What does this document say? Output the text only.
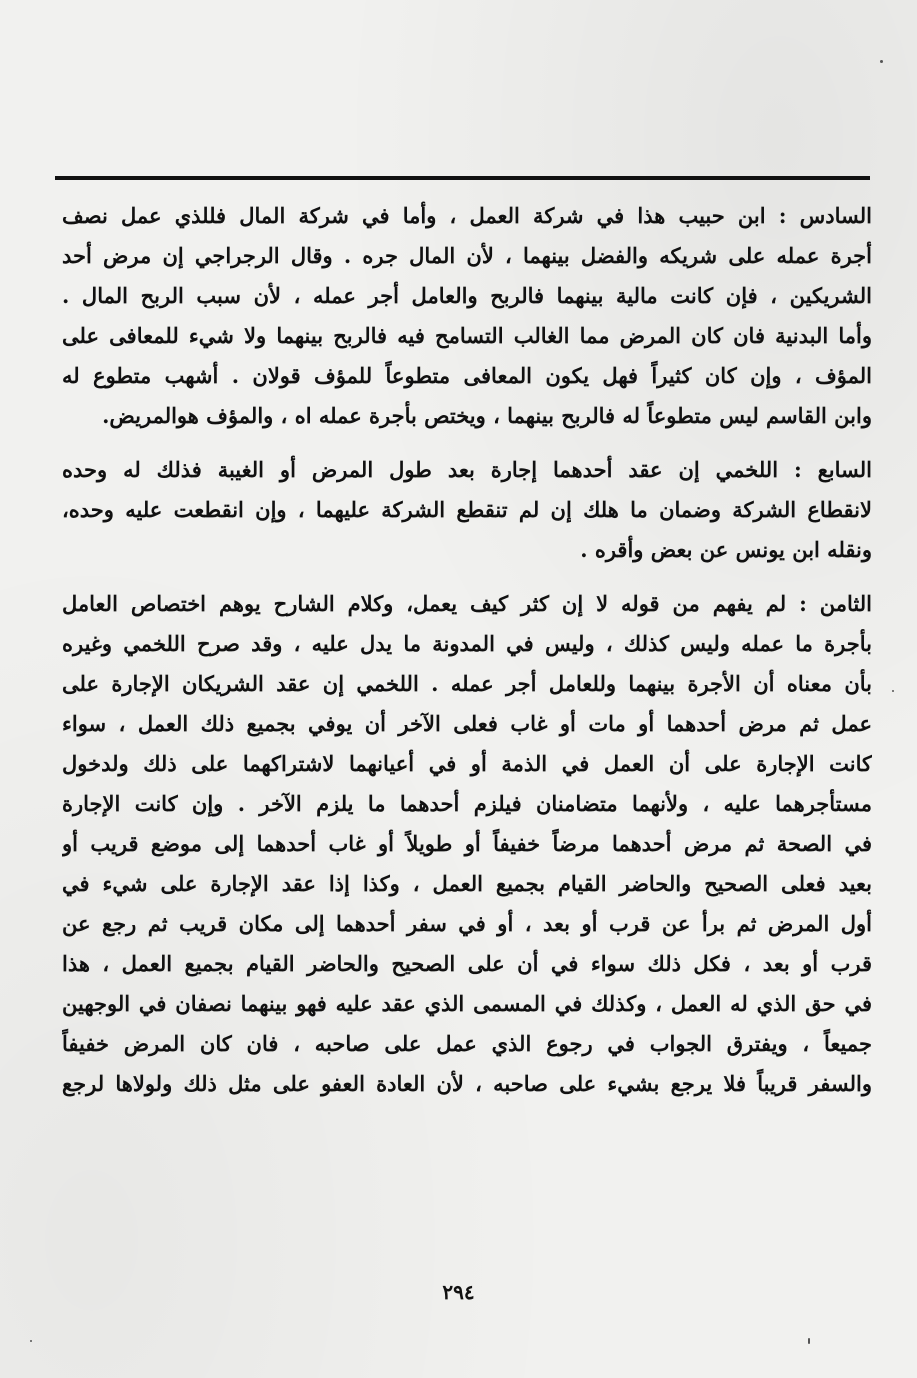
السادس : ابن حبيب هذا في شركة العمل ، وأما في شركة المال فللذي عمل نصف
أجرة عمله على شريكه والفضل بينهما ، لأن المال جره . وقال الرجراجي إن مرض أحد
الشريكين ، فإن كانت مالية بينهما فالربح والعامل أجر عمله ، لأن سبب الربح المال .
وأما البدنية فان كان المرض مما الغالب التسامح فيه فالربح بينهما ولا شيء للمعافى على
المؤف ، وإن كان كثيراً فهل يكون المعافى متطوعاً للمؤف قولان . أشهب متطوع له
وابن القاسم ليس متطوعاً له فالربح بينهما ، ويختص بأجرة عمله اه ، والمؤف هوالمريض.
السابع : اللخمي إن عقد أحدهما إجارة بعد طول المرض أو الغيبة فذلك له وحده
لانقطاع الشركة وضمان ما هلك إن لم تنقطع الشركة عليهما ، وإن انقطعت عليه وحده،
ونقله ابن يونس عن بعض وأقره .
الثامن : لم يفهم من قوله لا إن كثر كيف يعمل، وكلام الشارح يوهم اختصاص العامل
بأجرة ما عمله وليس كذلك ، وليس في المدونة ما يدل عليه ، وقد صرح اللخمي وغيره
بأن معناه أن الأجرة بينهما وللعامل أجر عمله . اللخمي إن عقد الشريكان الإجارة على
عمل ثم مرض أحدهما أو مات أو غاب فعلى الآخر أن يوفي بجميع ذلك العمل ، سواء
كانت الإجارة على أن العمل في الذمة أو في أعيانهما لاشتراكهما على ذلك ولدخول
مستأجرهما عليه ، ولأنهما متضامنان فيلزم أحدهما ما يلزم الآخر . وإن كانت الإجارة
في الصحة ثم مرض أحدهما مرضاً خفيفاً أو طويلاً أو غاب أحدهما إلى موضع قريب أو
بعيد فعلى الصحيح والحاضر القيام بجميع العمل ، وكذا إذا عقد الإجارة على شيء في
أول المرض ثم برأ عن قرب أو بعد ، أو في سفر أحدهما إلى مكان قريب ثم رجع عن
قرب أو بعد ، فكل ذلك سواء في أن على الصحيح والحاضر القيام بجميع العمل ، هذا
في حق الذي له العمل ، وكذلك في المسمى الذي عقد عليه فهو بينهما نصفان في الوجهين
جميعاً ، ويفترق الجواب في رجوع الذي عمل على صاحبه ، فان كان المرض خفيفاً
والسفر قريباً فلا يرجع بشيء على صاحبه ، لأن العادة العفو على مثل ذلك ولولاها لرجع
٢٩٤
